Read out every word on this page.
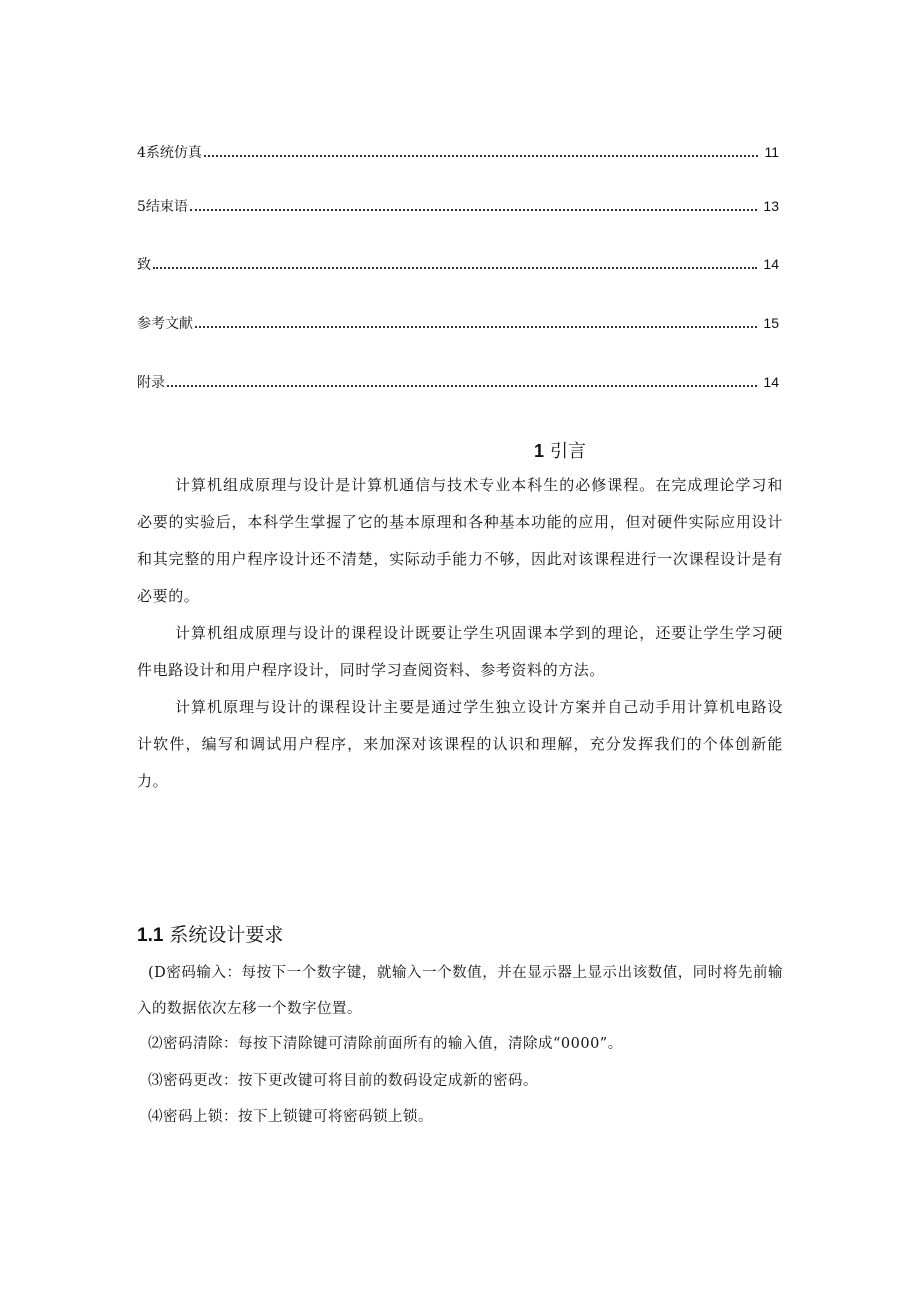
4系统仿真	11
5结束语	13
致	14
参考文献	15
附录	14
1 引言

计算机组成原理与设计是计算机通信与技术专业本科生的必修课程。在完成理论学习和必要的实验后，本科学生掌握了它的基本原理和各种基本功能的应用，但对硬件实际应用设计和其完整的用户程序设计还不清楚，实际动手能力不够，因此对该课程进行一次课程设计是有必要的。

计算机组成原理与设计的课程设计既要让学生巩固课本学到的理论，还要让学生学习硬件电路设计和用户程序设计，同时学习查阅资料、参考资料的方法。

计算机原理与设计的课程设计主要是通过学生独立设计方案并自己动手用计算机电路设计软件，编写和调试用户程序，来加深对该课程的认识和理解，充分发挥我们的个体创新能力。

1.1 系统设计要求

(D密码输入：每按下一个数字键，就输入一个数值，并在显示器上显示出该数值，同时将先前输入的数据依次左移一个数字位置。

⑵密码清除：每按下清除键可清除前面所有的输入值，清除成“0000”。

⑶密码更改：按下更改键可将目前的数码设定成新的密码。

⑷密码上锁：按下上锁键可将密码锁上锁。
